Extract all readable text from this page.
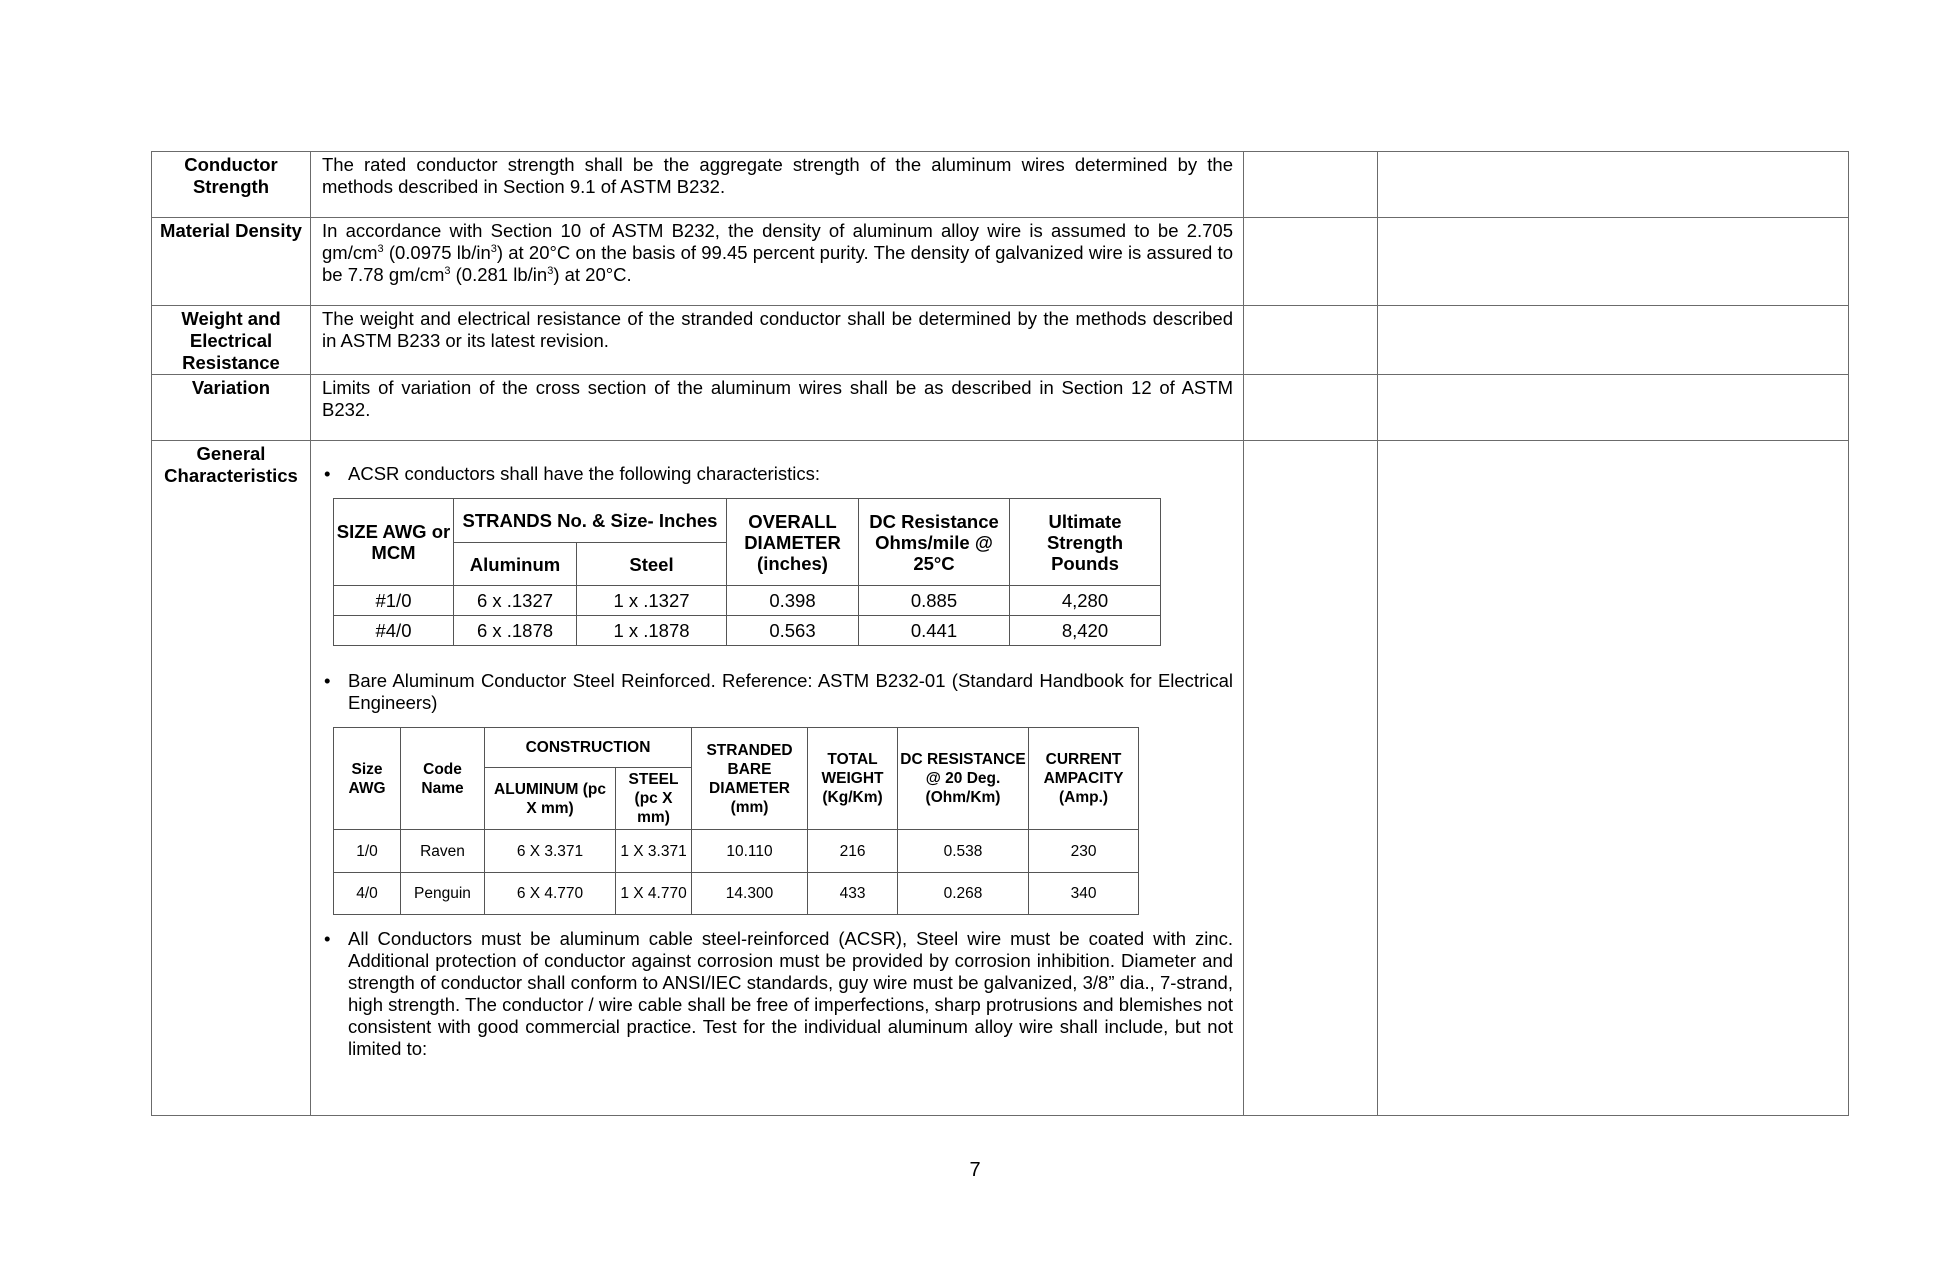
Conductor Strength	The rated conductor strength shall be the aggregate strength of the aluminum wires determined by the methods described in Section 9.1 of ASTM B232.		
Material Density	In accordance with Section 10 of ASTM B232, the density of aluminum alloy wire is assumed to be 2.705 $gm/cm^3$ (0.0975 $lb/in^3$) at 20°C on the basis of 99.45 percent purity. The density of galvanized wire is assured to be 7.78 $gm/cm^3$ (0.281 $lb/in^3$) at 20°C.		
Weight and Electrical Resistance	The weight and electrical resistance of the stranded conductor shall be determined by the methods described in ASTM B233 or its latest revision.		
Variation	Limits of variation of the cross section of the aluminum wires shall be as described in Section 12 of ASTM B232.		
General Characteristics	• ACSR conductors shall have the following characteristics:
SIZE AWG or MCM	STRANDS No. & Size- Inches	OVERALL DIAMETER (inches)	DC Resistance Ohms/mile @ 25°C	Ultimate Strength Pounds
Aluminum	Steel
#1/0	6 x .1327	1 x .1327	0.398	0.885	4,280
#4/0	6 x .1878	1 x .1878	0.563	0.441	8,420
• Bare Aluminum Conductor Steel Reinforced. Reference: ASTM B232-01 (Standard Handbook for Electrical Engineers)
Size AWG	Code Name	CONSTRUCTION	STRANDED BARE DIAMETER (mm)	TOTAL WEIGHT (Kg/Km)	DC RESISTANCE @ 20 Deg. (Ohm/Km)	CURRENT AMPACITY (Amp.)
ALUMINUM (pc X mm)	STEEL (pc X mm)
1/0	Raven	6 X 3.371	1 X 3.371	10.110	216	0.538	230
4/0	Penguin	6 X 4.770	1 X 4.770	14.300	433	0.268	340
• All Conductors must be aluminum cable steel-reinforced (ACSR), Steel wire must be coated with zinc. Additional protection of conductor against corrosion must be provided by corrosion inhibition. Diameter and strength of conductor shall conform to ANSI/IEC standards, guy wire must be galvanized, 3/8” dia., 7-strand, high strength. The conductor / wire cable shall be free of imperfections, sharp protrusions and blemishes not consistent with good commercial practice. Test for the individual aluminum alloy wire shall include, but not limited to:

7
